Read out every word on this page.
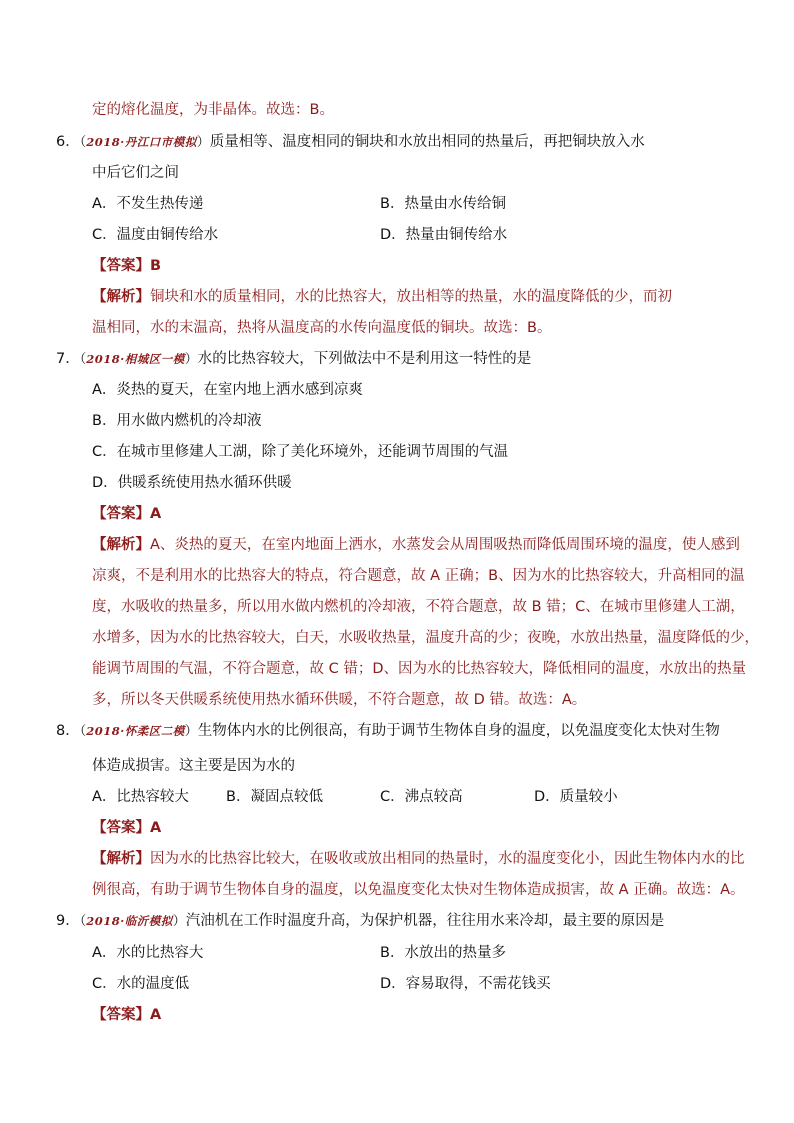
定的熔化温度，为非晶体。故选：B。
6．（2018·丹江口市模拟）质量相等、温度相同的铜块和水放出相同的热量后，再把铜块放入水
中后它们之间
A．不发生热传递	B．热量由水传给铜
C．温度由铜传给水	D．热量由铜传给水
【答案】B
【解析】铜块和水的质量相同，水的比热容大，放出相等的热量，水的温度降低的少，而初
温相同，水的末温高，热将从温度高的水传向温度低的铜块。故选：B。
7．（2018·相城区一模）水的比热容较大，下列做法中不是利用这一特性的是
A．炎热的夏天，在室内地上洒水感到凉爽
B．用水做内燃机的冷却液
C．在城市里修建人工湖，除了美化环境外，还能调节周围的气温
D．供暖系统使用热水循环供暖
【答案】A
【解析】A、炎热的夏天，在室内地面上洒水，水蒸发会从周围吸热而降低周围环境的温度，使人感到
凉爽，不是利用水的比热容大的特点，符合题意，故 A 正确；B、因为水的比热容较大，升高相同的温
度，水吸收的热量多，所以用水做内燃机的冷却液，不符合题意，故 B 错；C、在城市里修建人工湖，
水增多，因为水的比热容较大，白天，水吸收热量，温度升高的少；夜晚，水放出热量，温度降低的少，
能调节周围的气温，不符合题意，故 C 错；D、因为水的比热容较大，降低相同的温度，水放出的热量
多，所以冬天供暖系统使用热水循环供暖，不符合题意，故 D 错。故选：A。
8．（2018·怀柔区二模）生物体内水的比例很高，有助于调节生物体自身的温度，以免温度变化太快对生物
体造成损害。这主要是因为水的
A．比热容较大	B．凝固点较低	C．沸点较高	D．质量较小
【答案】A
【解析】因为水的比热容比较大，在吸收或放出相同的热量时，水的温度变化小，因此生物体内水的比
例很高，有助于调节生物体自身的温度，以免温度变化太快对生物体造成损害，故 A 正确。故选：A。
9．（2018·临沂模拟）汽油机在工作时温度升高，为保护机器，往往用水来冷却，最主要的原因是
A．水的比热容大	B．水放出的热量多
C．水的温度低	D．容易取得，不需花钱买
【答案】A
